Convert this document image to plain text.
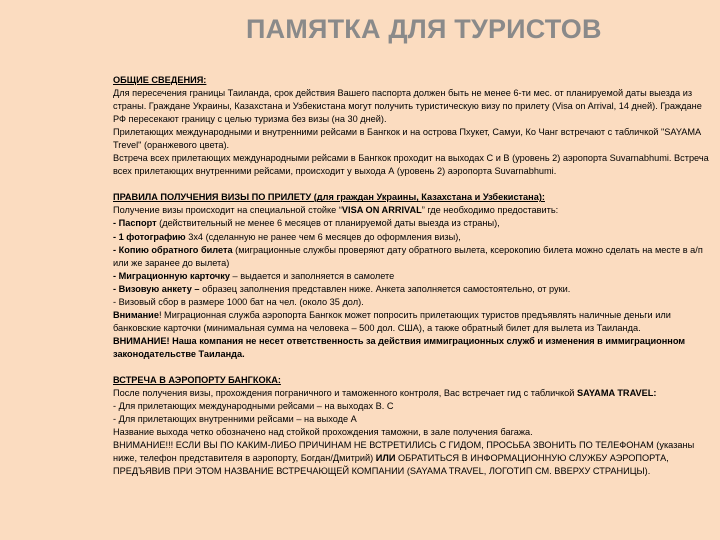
ПАМЯТКА ДЛЯ ТУРИСТОВ

ОБЩИЕ СВЕДЕНИЯ:

Для пересечения границы Таиланда, срок действия Вашего паспорта должен быть не менее 6-ти мес. от планируемой даты выезда из страны. Граждане Украины, Казахстана и Узбекистана могут получить туристическую визу по прилету (Visa on Arrival, 14 дней). Граждане РФ пересекают границу с целью туризма без визы (на 30 дней).

Прилетающих международными и внутренними рейсами в Бангкок и на острова Пхукет, Самуи, Ко Чанг встречают с табличкой "SAYAMA Trevel" (оранжевого цвета).

Встреча всех прилетающих международными рейсами в Бангкок проходит на выходах С и В (уровень 2) аэропорта Suvarnabhumi. Встреча всех прилетающих внутренними рейсами, происходит у выхода А (уровень 2) аэропорта Suvarnabhumi.

ПРАВИЛА ПОЛУЧЕНИЯ ВИЗЫ ПО ПРИЛЕТУ (для граждан Украины, Казахстана и Узбекистана):

Получение визы происходит на специальной стойке “VISA ON ARRIVAL” где необходимо предоставить:

- Паспорт (действительный не менее 6 месяцев от планируемой даты выезда из страны),

- 1 фотографию 3х4 (сделанную не ранее чем 6 месяцев до оформления визы),

- Копию обратного билета (миграционные службы проверяют дату обратного вылета, ксерокопию билета можно сделать на месте в а/п или же заранее до вылета)

- Миграционную карточку – выдается и заполняется в самолете

- Визовую анкету – образец заполнения представлен ниже. Анкета заполняется самостоятельно, от руки.

- Визовый сбор в размере 1000 бат на чел. (около 35 дол).

Внимание! Миграционная служба аэропорта Бангкок может попросить прилетающих туристов предъявлять наличные деньги или банковские карточки (минимальная сумма на человека – 500 дол. США), а также обратный билет для вылета из Таиланда.

ВНИМАНИЕ! Наша компания не несет ответственность за действия иммиграционных служб и изменения в иммиграционном законодательстве Таиланда.

ВСТРЕЧА В АЭРОПОРТУ БАНГКОКА:

После получения визы, прохождения пограничного и таможенного контроля, Вас встречает гид с табличкой SAYAMA TRAVEL:

- Для прилетающих международными рейсами – на выходах В. С

- Для прилетающих внутренними рейсами – на выходе А

Название выхода четко обозначено над стойкой прохождения таможни, в зале получения багажа.

ВНИМАНИЕ!!! ЕСЛИ ВЫ ПО КАКИМ-ЛИБО ПРИЧИНАМ НЕ ВСТРЕТИЛИСЬ С ГИДОМ, ПРОСЬБА ЗВОНИТЬ ПО ТЕЛЕФОНАМ (указаны ниже, телефон представителя в аэропорту, Богдан/Дмитрий) ИЛИ ОБРАТИТЬСЯ В ИНФОРМАЦИОННУЮ СЛУЖБУ АЭРОПОРТА, ПРЕДЪЯВИВ ПРИ ЭТОМ НАЗВАНИЕ ВСТРЕЧАЮЩЕЙ КОМПАНИИ (SAYAMA TRAVEL, ЛОГОТИП СМ. ВВЕРХУ СТРАНИЦЫ).
